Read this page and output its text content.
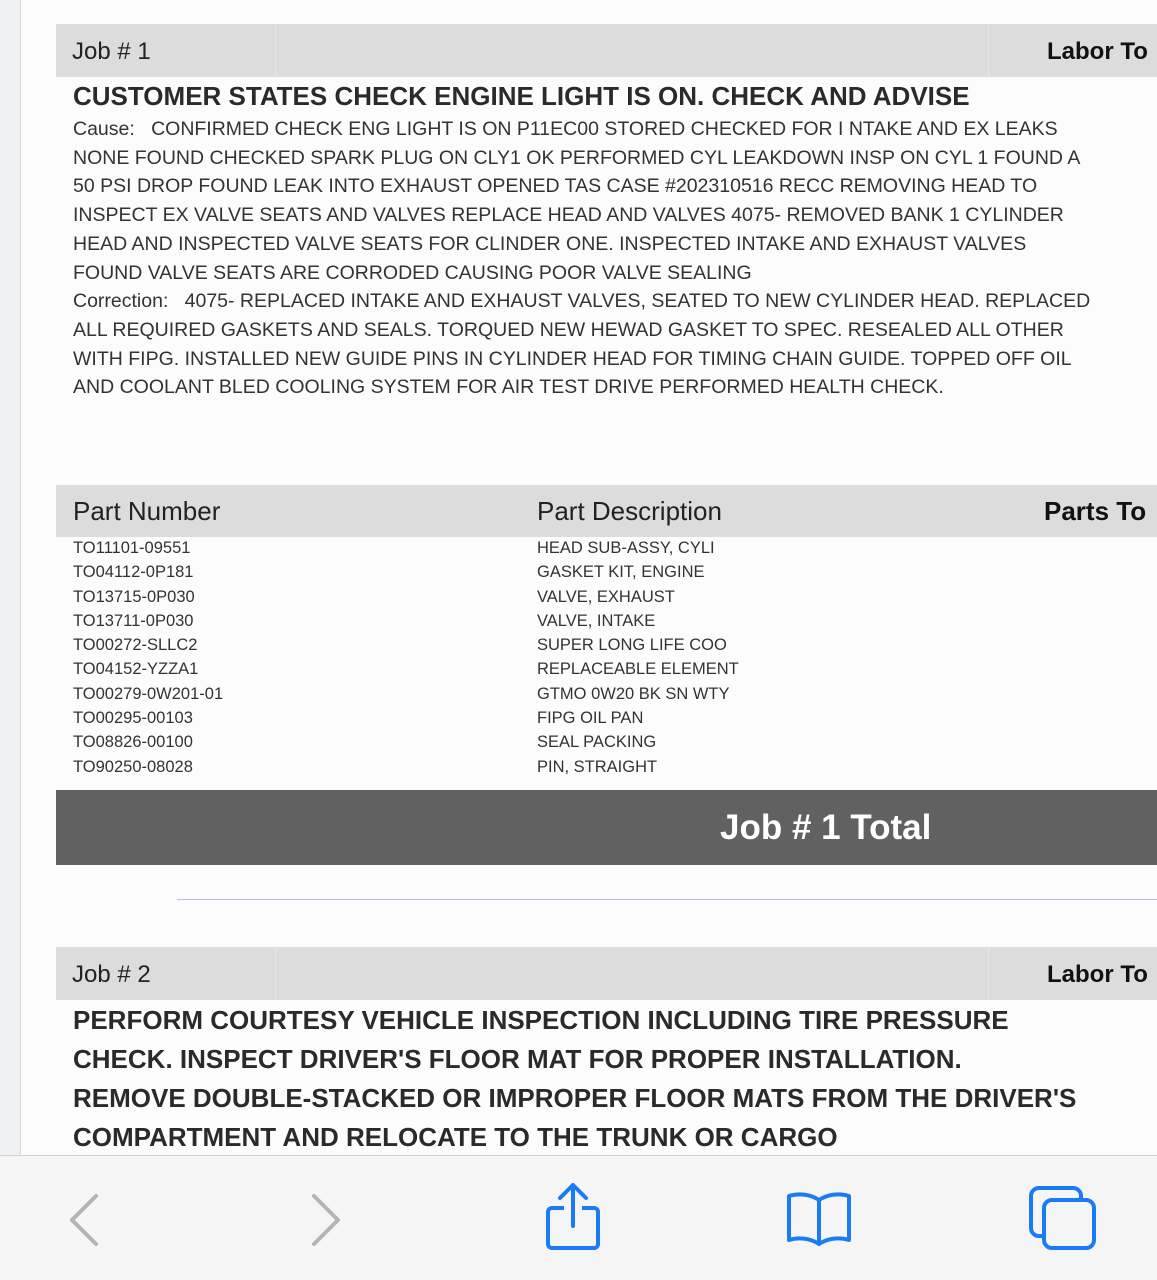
Job # 1	Labor To
CUSTOMER STATES CHECK ENGINE LIGHT IS ON. CHECK AND ADVISE

Cause: CONFIRMED CHECK ENG LIGHT IS ON P11EC00 STORED CHECKED FOR I NTAKE AND EX LEAKS NONE FOUND CHECKED SPARK PLUG ON CLY1 OK PERFORMED CYL LEAKDOWN INSP ON CYL 1 FOUND A 50 PSI DROP FOUND LEAK INTO EXHAUST OPENED TAS CASE #202310516 RECC REMOVING HEAD TO INSPECT EX VALVE SEATS AND VALVES REPLACE HEAD AND VALVES 4075- REMOVED BANK 1 CYLINDER HEAD AND INSPECTED VALVE SEATS FOR CLINDER ONE. INSPECTED INTAKE AND EXHAUST VALVES FOUND VALVE SEATS ARE CORRODED CAUSING POOR VALVE SEALING

Correction: 4075- REPLACED INTAKE AND EXHAUST VALVES, SEATED TO NEW CYLINDER HEAD. REPLACED ALL REQUIRED GASKETS AND SEALS. TORQUED NEW HEWAD GASKET TO SPEC. RESEALED ALL OTHER WITH FIPG. INSTALLED NEW GUIDE PINS IN CYLINDER HEAD FOR TIMING CHAIN GUIDE. TOPPED OFF OIL AND COOLANT BLED COOLING SYSTEM FOR AIR TEST DRIVE PERFORMED HEALTH CHECK.

Part Number	Part Description	Parts To
TO11101-09551	HEAD SUB-ASSY, CYLI
TO04112-0P181	GASKET KIT, ENGINE
TO13715-0P030	VALVE, EXHAUST
TO13711-0P030	VALVE, INTAKE
TO00272-SLLC2	SUPER LONG LIFE COO
TO04152-YZZA1	REPLACEABLE ELEMENT
TO00279-0W201-01	GTMO 0W20 BK SN WTY
TO00295-00103	FIPG OIL PAN
TO08826-00100	SEAL PACKING
TO90250-08028	PIN, STRAIGHT
Job # 1 Total
Job # 2	Labor To
PERFORM COURTESY VEHICLE INSPECTION INCLUDING TIRE PRESSURE CHECK. INSPECT DRIVER'S FLOOR MAT FOR PROPER INSTALLATION. REMOVE DOUBLE-STACKED OR IMPROPER FLOOR MATS FROM THE DRIVER'S COMPARTMENT AND RELOCATE TO THE TRUNK OR CARGO
